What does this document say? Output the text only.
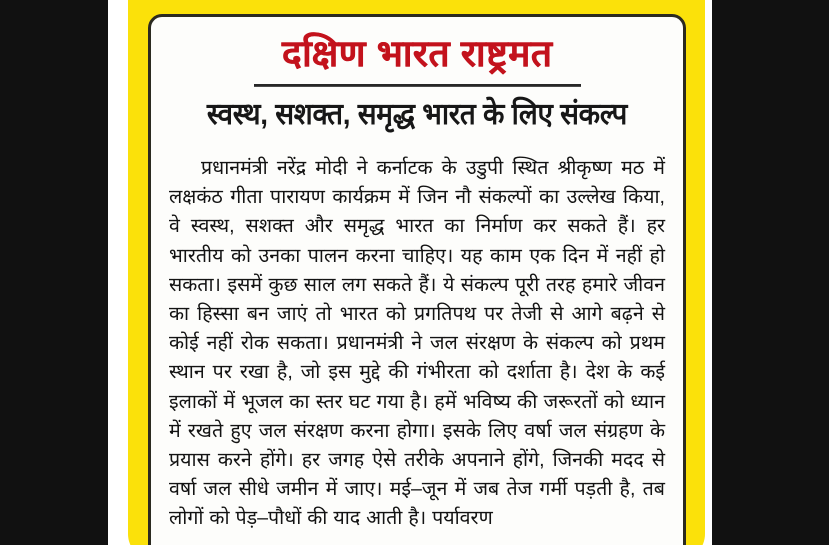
दक्षिण भारत राष्ट्रमत
स्वस्थ, सशक्त, समृद्ध भारत के लिए संकल्प
प्रधानमंत्री नरेंद्र मोदी ने कर्नाटक के उडुपी स्थित श्रीकृष्ण मठ में लक्षकंठ गीता पारायण कार्यक्रम में जिन नौ संकल्पों का उल्लेख किया, वे स्वस्थ, सशक्त और समृद्ध भारत का निर्माण कर सकते हैं। हर भारतीय को उनका पालन करना चाहिए। यह काम एक दिन में नहीं हो सकता। इसमें कुछ साल लग सकते हैं। ये संकल्प पूरी तरह हमारे जीवन का हिस्सा बन जाएं तो भारत को प्रगतिपथ पर तेजी से आगे बढ़ने से कोई नहीं रोक सकता। प्रधानमंत्री ने जल संरक्षण के संकल्प को प्रथम स्थान पर रखा है, जो इस मुद्दे की गंभीरता को दर्शाता है। देश के कई इलाकों में भूजल का स्तर घट गया है। हमें भविष्य की जरूरतों को ध्यान में रखते हुए जल संरक्षण करना होगा। इसके लिए वर्षा जल संग्रहण के प्रयास करने होंगे। हर जगह ऐसे तरीके अपनाने होंगे, जिनकी मदद से वर्षा जल सीधे जमीन में जाए। मई–जून में जब तेज गर्मी पड़ती है, तब लोगों को पेड़–पौधों की याद आती है। पर्यावरण
